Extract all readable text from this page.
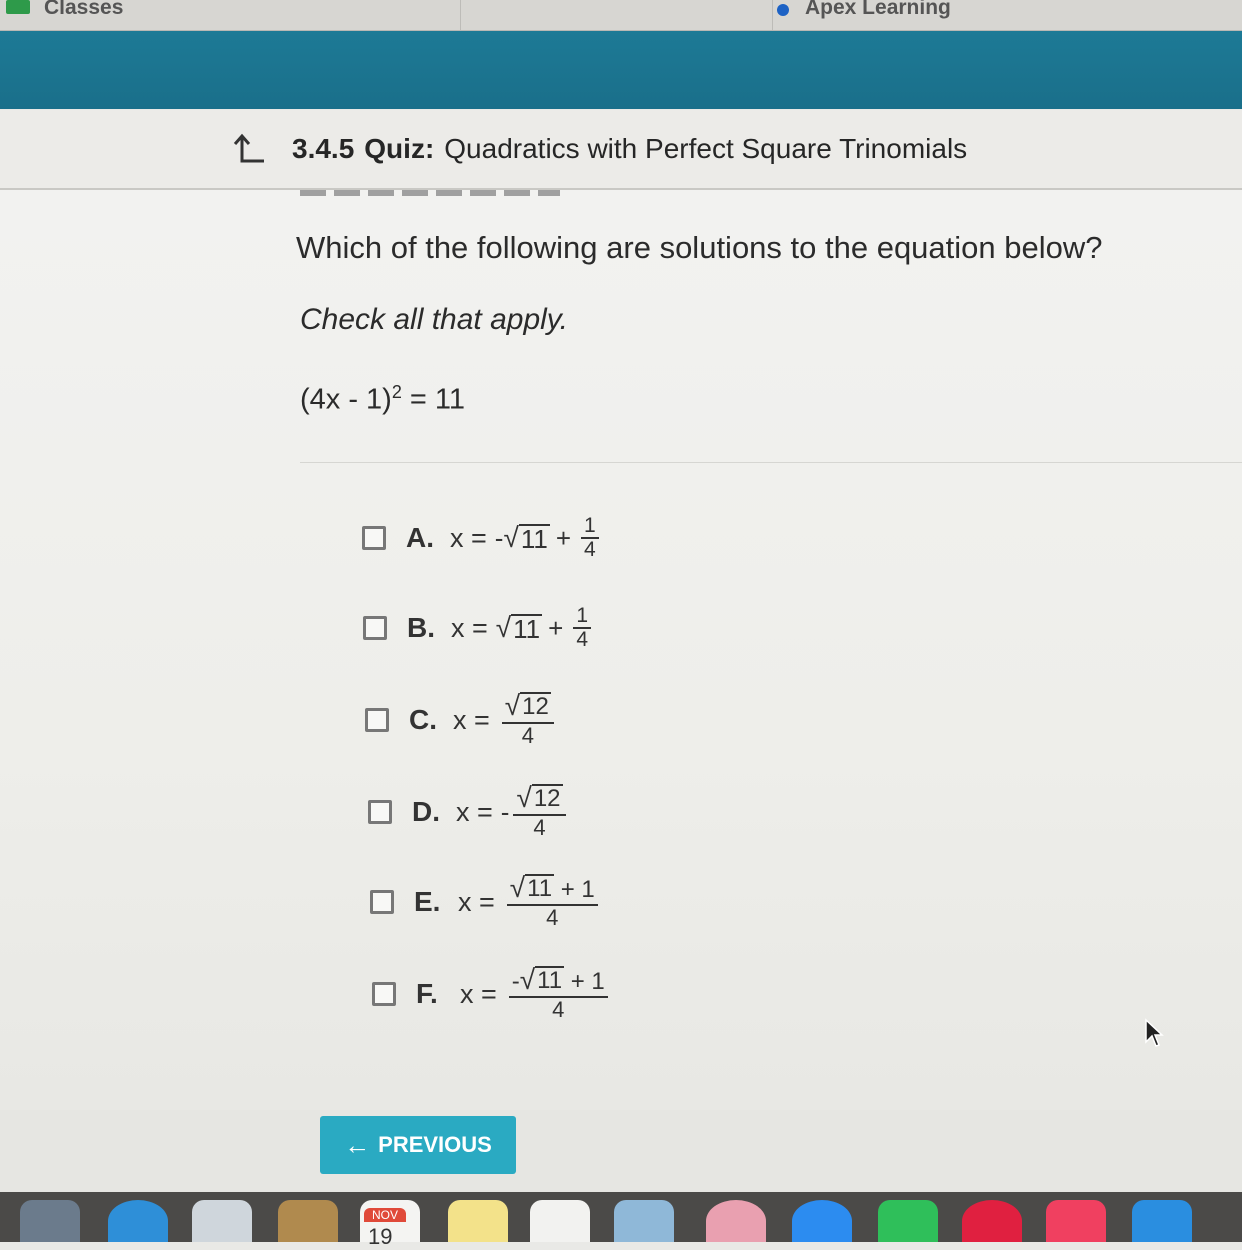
Classes	Apex Learning
3.4.5 Quiz: Quadratics with Perfect Square Trinomials
Which of the following are solutions to the equation below?
Check all that apply.
(4x - 1)$^2$ = 11
A. x = - √ $11 + \frac{1}{4}$
B. x = √ $11 + \frac{1}{4}$
C. $x = \frac{√ 12}{4}$
D. x = - $\frac{√ 12}{4}$
E. $x = \frac{√ 11 + 1}{4}$
F. $x = \frac{- √ 11 + 1}{4}$
← PREVIOUS
NOV
19
